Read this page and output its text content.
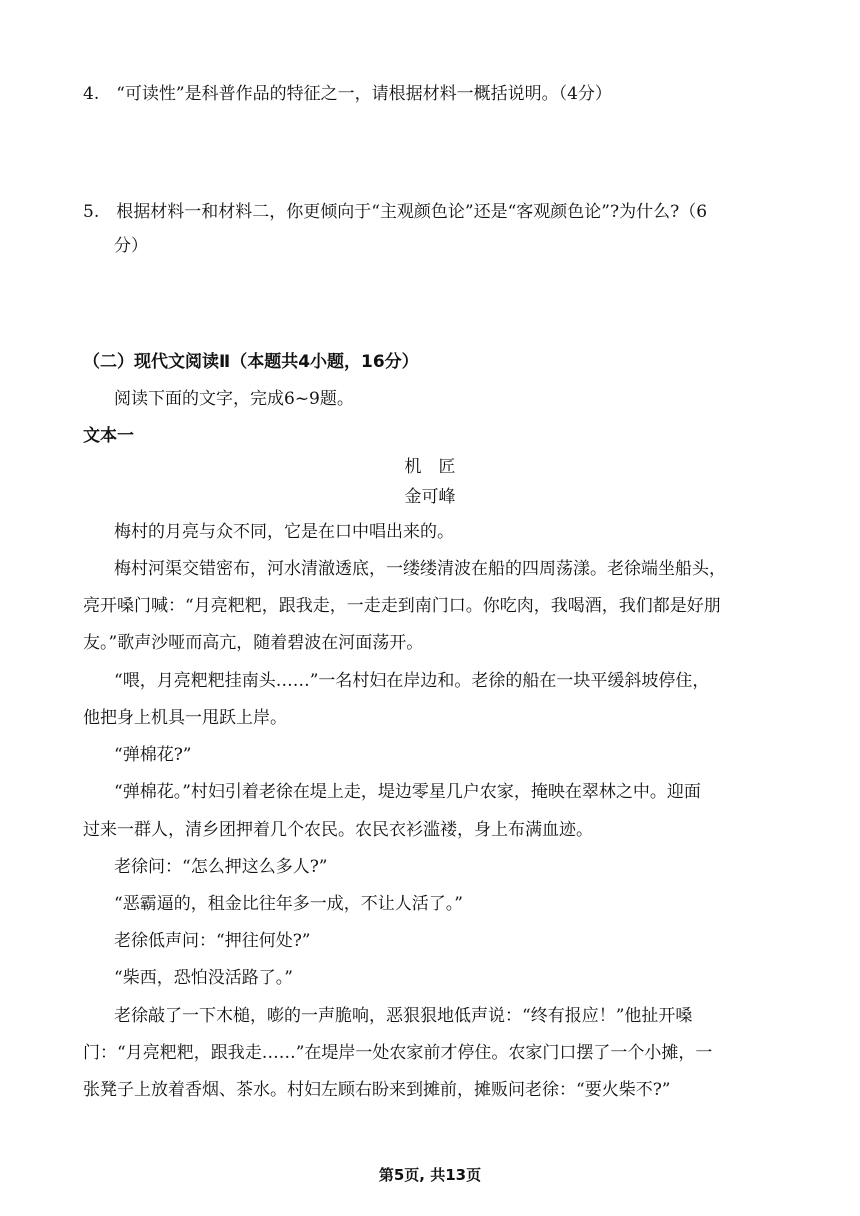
4.　“可读性”是科普作品的特征之一，请根据材料一概括说明。（4分）
5.　根据材料一和材料二，你更倾向于“主观颜色论”还是“客观颜色论”?为什么?（6
分）
（二）现代文阅读Ⅱ（本题共4小题，16分）
阅读下面的文字，完成6~9题。
文本一
机　匠
金可峰
梅村的月亮与众不同，它是在口中唱出来的。
梅村河渠交错密布，河水清澈透底，一缕缕清波在船的四周荡漾。老徐端坐船头，
亮开嗓门喊：“月亮粑粑，跟我走，一走走到南门口。你吃肉，我喝酒，我们都是好朋
友。”歌声沙哑而高亢，随着碧波在河面荡开。
“喂，月亮粑粑挂南头……”一名村妇在岸边和。老徐的船在一块平缓斜坡停住，
他把身上机具一甩跃上岸。
“弹棉花?”
“弹棉花。”村妇引着老徐在堤上走，堤边零星几户农家，掩映在翠林之中。迎面
过来一群人，清乡团押着几个农民。农民衣衫滥褛，身上布满血迹。
老徐问：“怎么押这么多人?”
“恶霸逼的，租金比往年多一成，不让人活了。”
老徐低声问：“押往何处?”
“柴西，恐怕没活路了。”
老徐敲了一下木槌，嘭的一声脆响，恶狠狠地低声说：“终有报应！”他扯开嗓
门：“月亮粑粑，跟我走……”在堤岸一处农家前才停住。农家门口摆了一个小摊，一
张凳子上放着香烟、茶水。村妇左顾右盼来到摊前，摊贩问老徐：“要火柴不?”
第5页, 共13页
